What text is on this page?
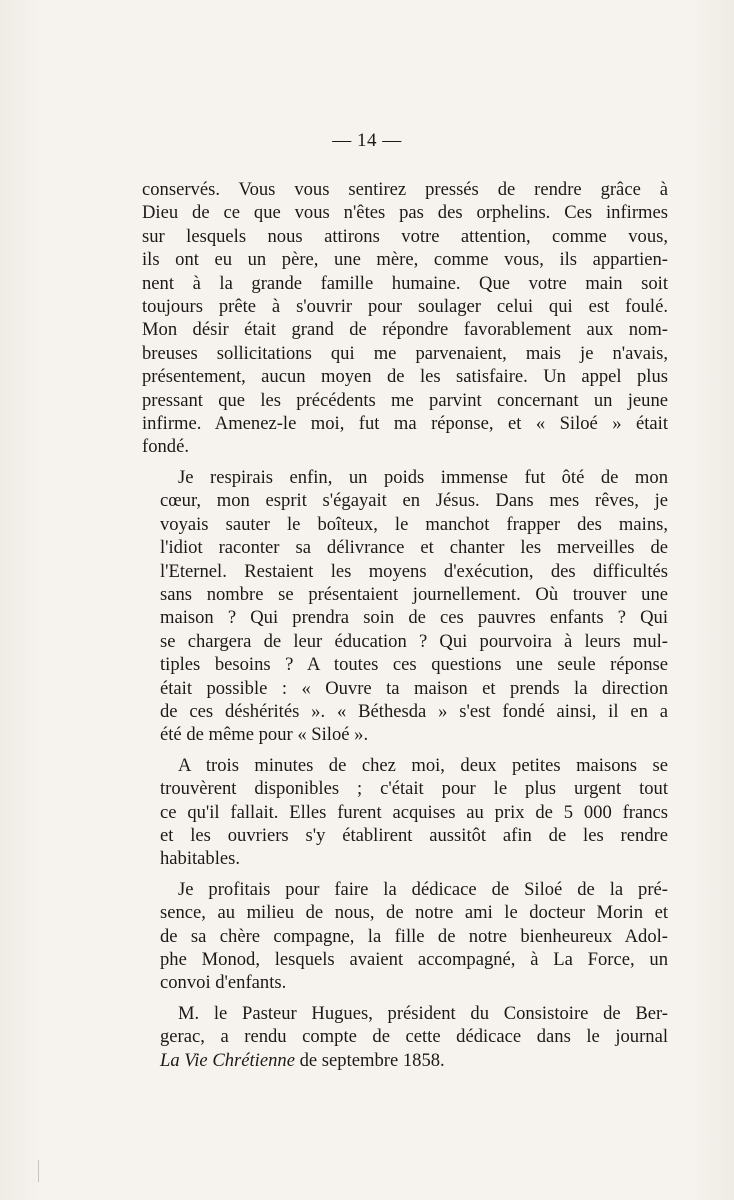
— 14 —
conservés. Vous vous sentirez pressés de rendre grâce à
Dieu de ce que vous n'êtes pas des orphelins. Ces infirmes
sur lesquels nous attirons votre attention, comme vous,
ils ont eu un père, une mère, comme vous, ils appartien-
nent à la grande famille humaine. Que votre main soit
toujours prête à s'ouvrir pour soulager celui qui est foulé.
Mon désir était grand de répondre favorablement aux nom-
breuses sollicitations qui me parvenaient, mais je n'avais,
présentement, aucun moyen de les satisfaire. Un appel plus
pressant que les précédents me parvint concernant un jeune
infirme. Amenez-le moi, fut ma réponse, et « Siloé » était
fondé.
Je respirais enfin, un poids immense fut ôté de mon
cœur, mon esprit s'égayait en Jésus. Dans mes rêves, je
voyais sauter le boîteux, le manchot frapper des mains,
l'idiot raconter sa délivrance et chanter les merveilles de
l'Eternel. Restaient les moyens d'exécution, des difficultés
sans nombre se présentaient journellement. Où trouver une
maison ? Qui prendra soin de ces pauvres enfants ? Qui
se chargera de leur éducation ? Qui pourvoira à leurs mul-
tiples besoins ? A toutes ces questions une seule réponse
était possible : « Ouvre ta maison et prends la direction
de ces déshérités ». « Béthesda » s'est fondé ainsi, il en a
été de même pour « Siloé ».
A trois minutes de chez moi, deux petites maisons se
trouvèrent disponibles ; c'était pour le plus urgent tout
ce qu'il fallait. Elles furent acquises au prix de 5 000 francs
et les ouvriers s'y établirent aussitôt afin de les rendre
habitables.
Je profitais pour faire la dédicace de Siloé de la pré-
sence, au milieu de nous, de notre ami le docteur Morin et
de sa chère compagne, la fille de notre bienheureux Adol-
phe Monod, lesquels avaient accompagné, à La Force, un
convoi d'enfants.
M. le Pasteur Hugues, président du Consistoire de Ber-
gerac, a rendu compte de cette dédicace dans le journal
La Vie Chrétienne de septembre 1858.
